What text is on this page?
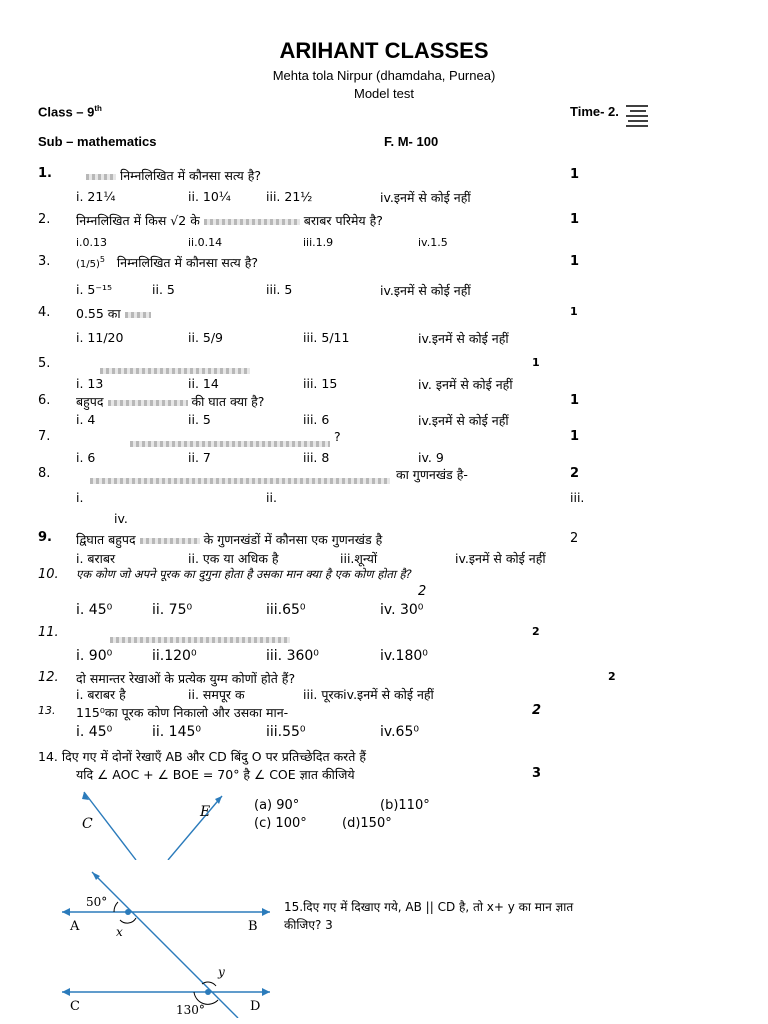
ARIHANT CLASSES
Mehta tola Nirpur (dhamdaha, Purnea)
Model test
Class – 9th	Time- 2.
Sub – mathematics	F. M- 100
1.	निम्नलिखित में कौनसा सत्य है?	1
i. 21¼	ii. 10¼	iii. 21½	iv.इनमें से कोई नहीं
2. निम्नलिखित में किस √2 के	बराबर परिमेय है?	1
i.0.13	ii.0.14	iii.1.9	iv.1.5
3.	$(1/5)^5$ निम्नलिखित में कौनसा सत्य है?	1
i. 5⁻¹⁵	ii. 5	iii. 5	iv.इनमें से कोई नहीं
4. 0.55 का	1
i. 11/20	ii. 5/9	iii. 5/11	iv.इनमें से कोई नहीं
5.	1
i. 13	ii. 14	iii. 15	iv. इनमें से कोई नहीं
6. बहुपद	की घात क्या है?	1
i. 4	ii. 5	iii. 6	iv.इनमें से कोई नहीं
7.	?	1
i. 6	ii. 7	iii. 8	iv. 9
8.	का गुणनखंड है-	2
i.	ii.	iii.
iv.
9. द्विघात बहुपद	के गुणनखंडों में कौनसा एक गुणनखंड है	2
i. बराबर	ii. एक या अधिक है	iii.शून्यों	iv.इनमें से कोई नहीं
10. एक कोण जो अपने पूरक का दुगुना होता है उसका मान क्या है एक कोण होता है?
2
i. 45⁰	ii. 75⁰	iii.65⁰	iv. 30⁰
11.	2
i. 90⁰	ii.120⁰	iii. 360⁰	iv.180⁰
12. दो समान्तर रेखाओं के प्रत्येक युग्म कोणों होते हैं?	2
i. बराबर है	ii. समपूर क	iii. पूरकiv.इनमें से कोई नहीं
13. 115⁰का पूरक कोण निकालो और उसका मान-	2
i. 45⁰	ii. 145⁰	iii.55⁰	iv.65⁰
14. दिए गए में दोनों रेखाएँ AB और CD बिंदु O पर प्रतिच्छेदित करते हैं
यदि ∠ AOC + ∠ BOE = 70° है ∠ COE ज्ञात कीजिये	3
C
E	(a) 90°	(b)110°
(c) 100°	(d)150°
50°
x
y
130°
A	B
C	D
15.दिए गए में दिखाए गये, AB || CD है, तो x+ y का मान ज्ञात
कीजिए? 3
